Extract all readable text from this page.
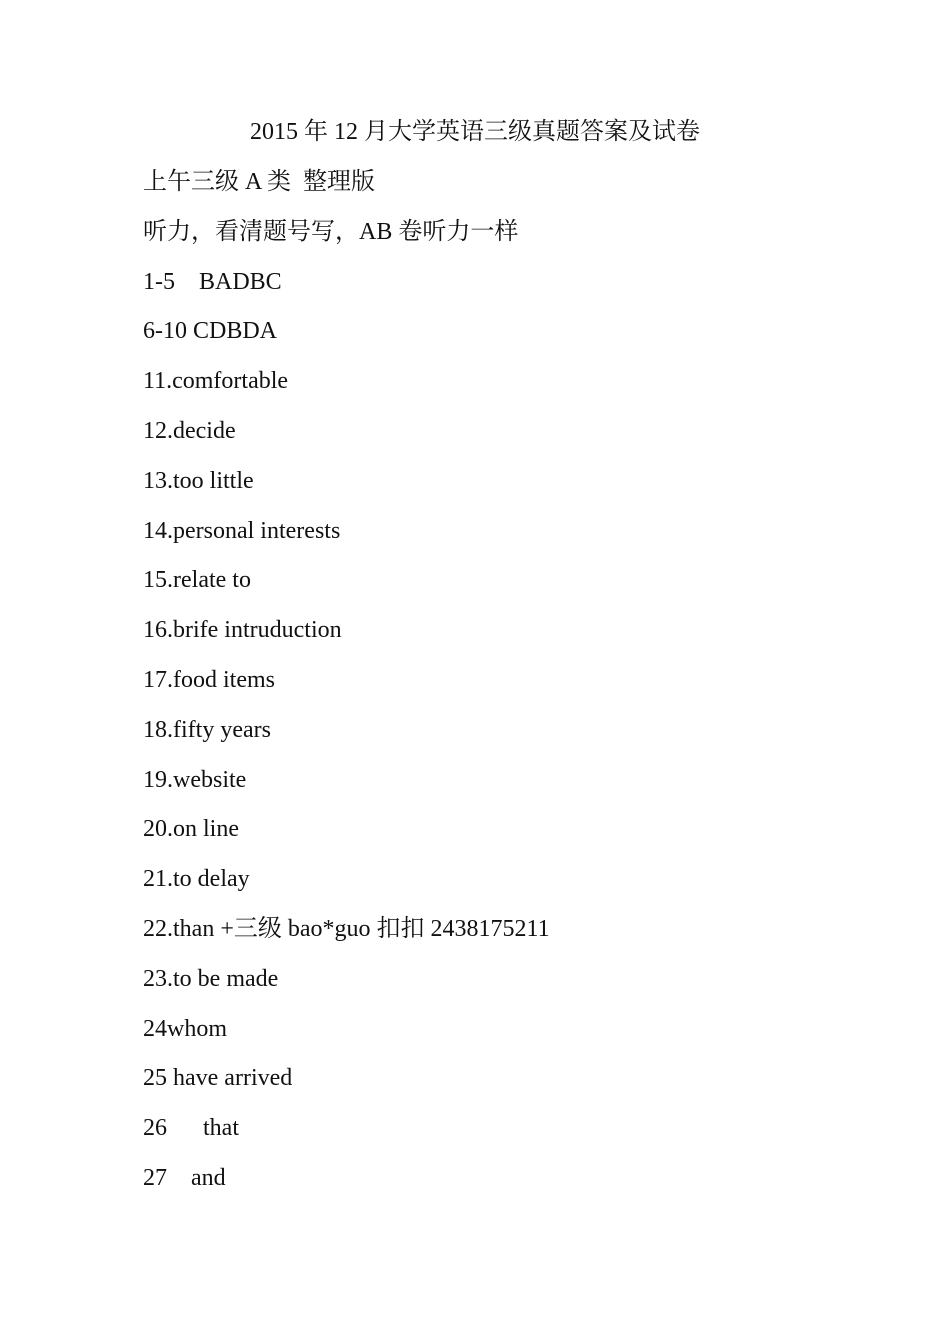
2015 年 12 月大学英语三级真题答案及试卷
上午三级 A 类  整理版
听力，看清题号写，AB 卷听力一样
1-5    BADBC
6-10 CDBDA
11.comfortable
12.decide
13.too little
14.personal interests
15.relate to
16.brife intruduction
17.food items
18.fifty years
19.website
20.on line
21.to delay
22.than +三级 bao*guo 扣扣 2438175211
23.to be made
24whom
25 have arrived
26      that
27    and
